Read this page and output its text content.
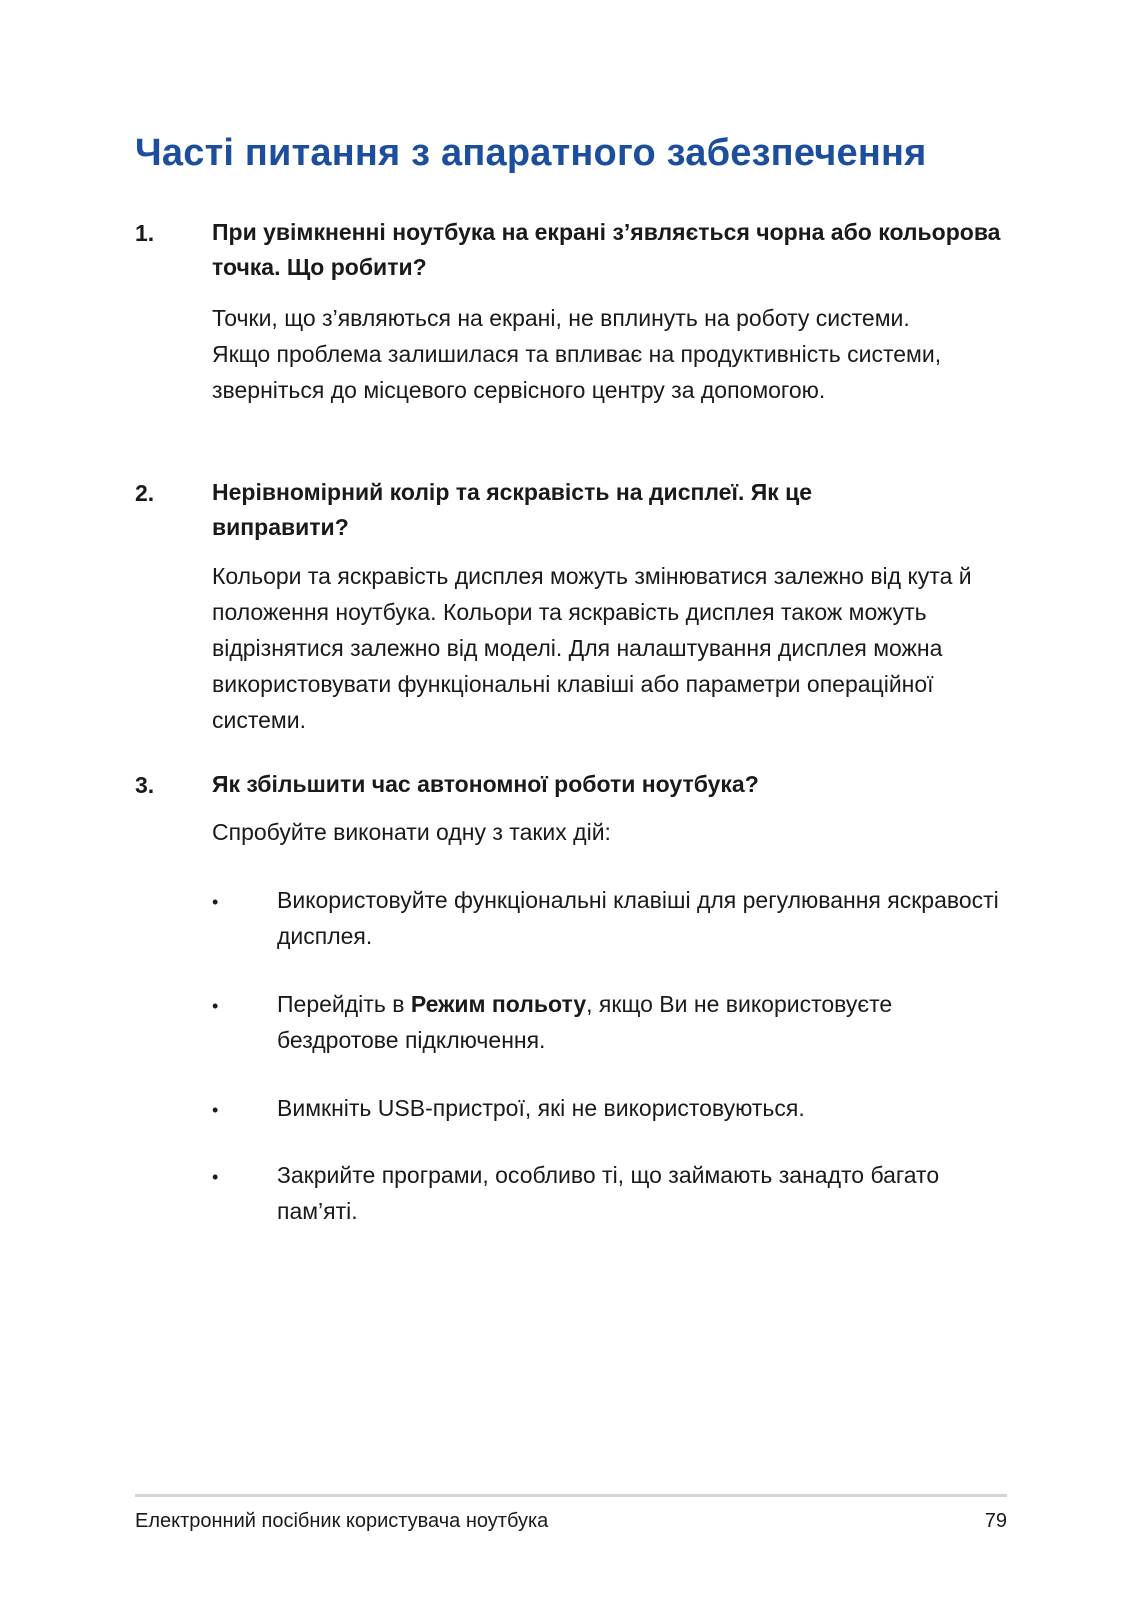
Часті питання з апаратного забезпечення
1.	При увімкненні ноутбука на екрані з’являється чорна або кольорова точка. Що робити?
Точки, що з’являються на екрані, не вплинуть на роботу системи. Якщо проблема залишилася та впливає на продуктивність системи, зверніться до місцевого сервісного центру за допомогою.
2.	Нерівномірний колір та яскравість на дисплеї. Як це виправити?
Кольори та яскравість дисплея можуть змінюватися залежно від кута й положення ноутбука. Кольори та яскравість дисплея також можуть відрізнятися залежно від моделі. Для налаштування дисплея можна використовувати функціональні клавіші або параметри операційної системи.
3.	Як збільшити час автономної роботи ноутбука?
Спробуйте виконати одну з таких дій:
•	Використовуйте функціональні клавіші для регулювання яскравості дисплея.
•	Перейдіть в Режим польоту, якщо Ви не використовуєте бездротове підключення.
•	Вимкніть USB-пристрої, які не використовуються.
•	Закрийте програми, особливо ті, що займають занадто багато пам’яті.
Електронний посібник користувача ноутбука	79
